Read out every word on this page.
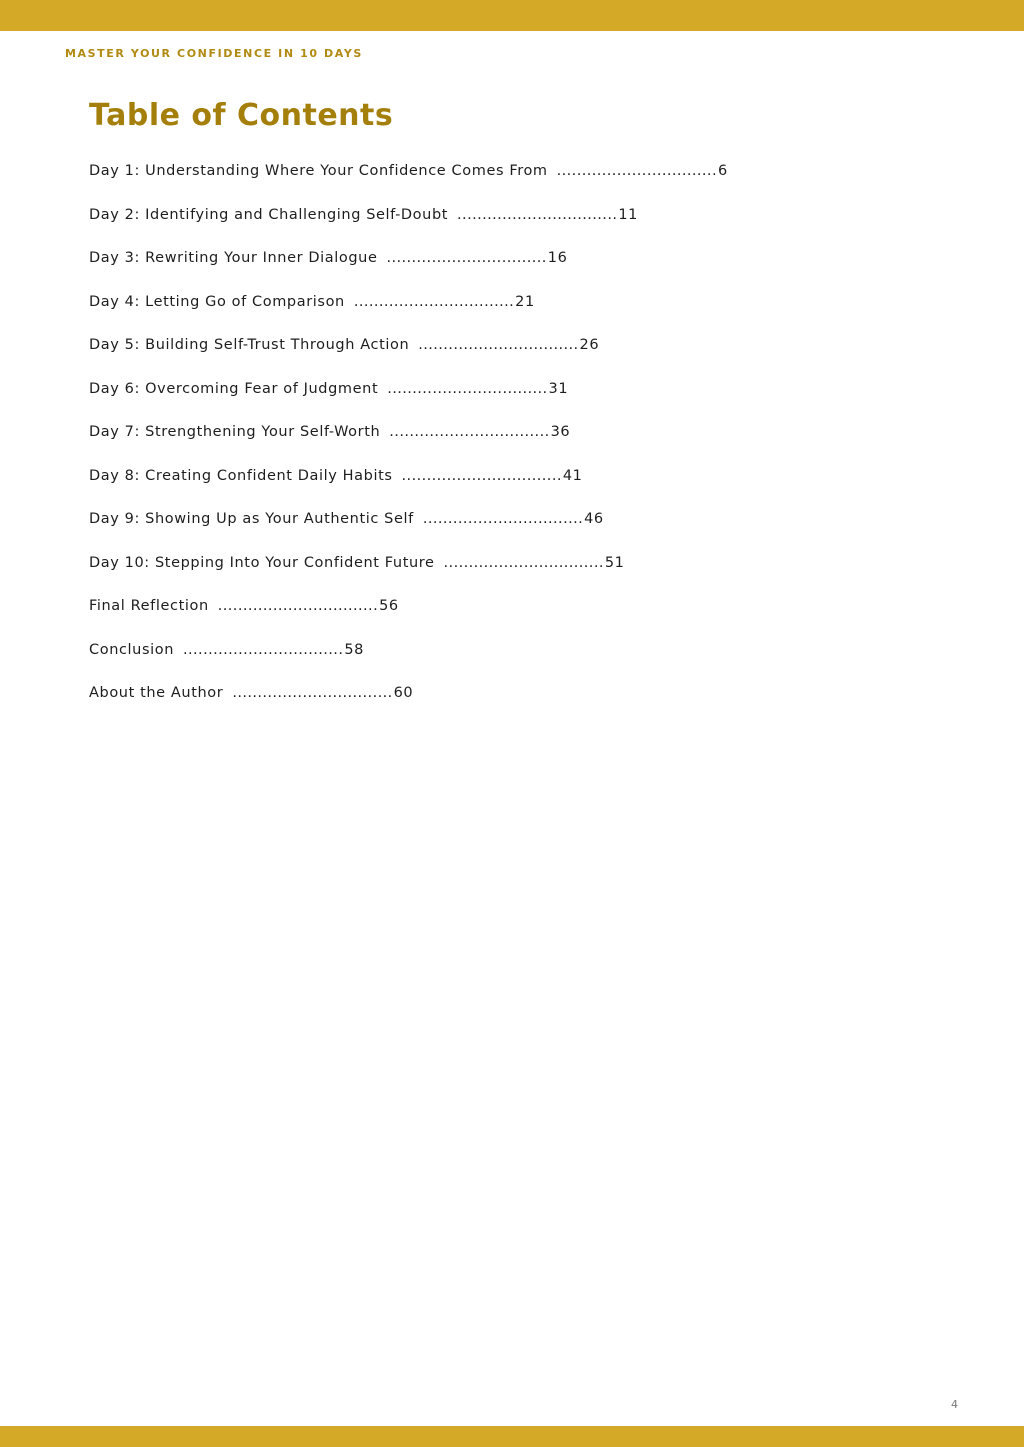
MASTER YOUR CONFIDENCE IN 10 DAYS
Table of Contents
Day 1: Understanding Where Your Confidence Comes From ................................6
Day 2: Identifying and Challenging Self-Doubt ................................11
Day 3: Rewriting Your Inner Dialogue ................................16
Day 4: Letting Go of Comparison ................................21
Day 5: Building Self-Trust Through Action ................................26
Day 6: Overcoming Fear of Judgment ................................31
Day 7: Strengthening Your Self-Worth ................................36
Day 8: Creating Confident Daily Habits ................................41
Day 9: Showing Up as Your Authentic Self ................................46
Day 10: Stepping Into Your Confident Future ................................51
Final Reflection ................................56
Conclusion ................................58
About the Author ................................60
4
